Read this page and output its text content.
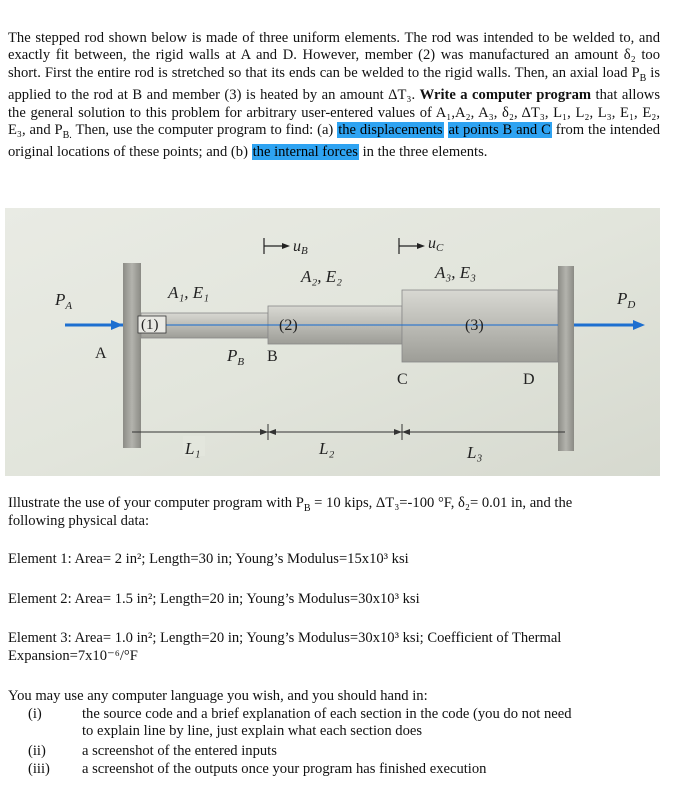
The stepped rod shown below is made of three uniform elements. The rod was intended to be welded to, and exactly fit between, the rigid walls at A and D. However, member (2) was manufactured an amount δ₂ too short. First the entire rod is stretched so that its ends can be welded to the rigid walls. Then, an axial load $P_B$ is applied to the rod at B and member (3) is heated by an amount ΔT₃. Write a computer program that allows the general solution to this problem for arbitrary user-entered values of A₁,A₂, A₃, δ₂, ΔT₃, L₁, L₂, L₃, E₁, E₂, E₃, and $P_{B.}$ Then, use the computer program to find: (a) the displacements at points B and C from the intended original locations of these points; and (b) the internal forces in the three elements.
(1)	(2)	(3)
A₁, E₁
A₂, E₂	A₃, E₃
uB	uC
$P_A$	$P_D$
A	$P_B$ B
C	D
L₁	L₂	L₃
Illustrate the use of your computer program with $P_B = 10$ kips, ΔT₃=-100 °F, δ₂= 0.01 in, and the
following physical data:
Element 1: Area= 2 in²; Length=30 in; Young’s Modulus=15x10³ ksi
Element 2: Area= 1.5 in²; Length=20 in; Young’s Modulus=30x10³ ksi
Element 3: Area= 1.0 in²; Length=20 in; Young’s Modulus=30x10³ ksi; Coefficient of Thermal
Expansion=7x10⁻⁶/°F
You may use any computer language you wish, and you should hand in:
(i)	the source code and a brief explanation of each section in the code (you do not need
to explain line by line, just explain what each section does
(ii) a screenshot of the entered inputs
(iii) a screenshot of the outputs once your program has finished execution
